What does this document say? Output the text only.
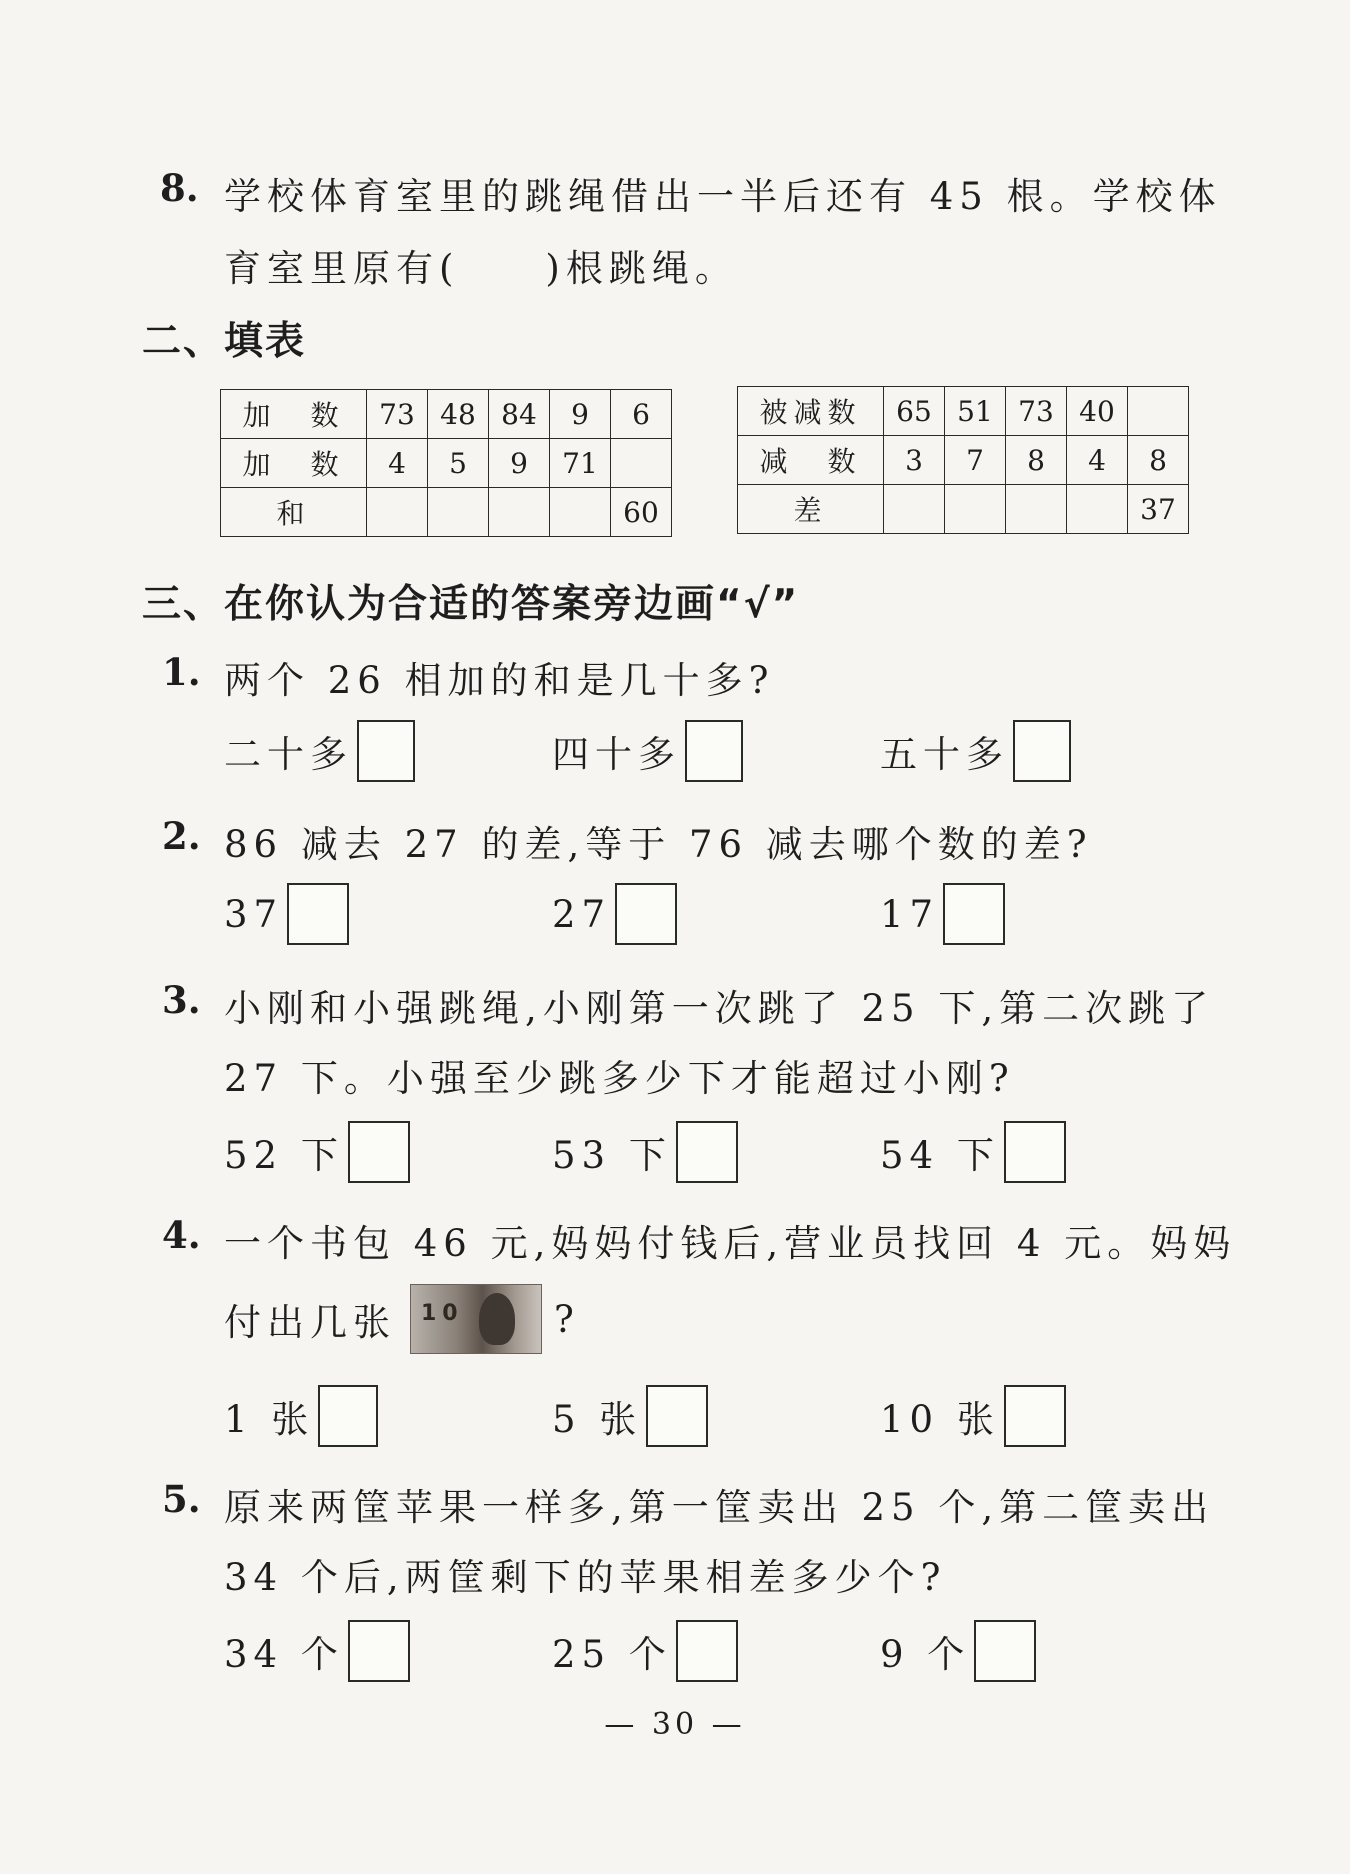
8. 学校体育室里的跳绳借出一半后还有 45 根。学校体
育室里原有(　　)根跳绳。
二、填表
加　数	73	48	84	9	6
加　数	4	5	9	71	
和					60
被减数	65	51	73	40	
减　数	3	7	8	4	8
差					37
三、在你认为合适的答案旁边画“√”
1. 两个 26 相加的和是几十多?
二十多	四十多	五十多
2. 86 减去 27 的差,等于 76 减去哪个数的差?
37	27	17
3. 小刚和小强跳绳,小刚第一次跳了 25 下,第二次跳了
27 下。小强至少跳多少下才能超过小刚?
52 下	53 下	54 下
4. 一个书包 46 元,妈妈付钱后,营业员找回 4 元。妈妈
付出几张 10 ?
1 张	5 张	10 张
5. 原来两筐苹果一样多,第一筐卖出 25 个,第二筐卖出
34 个后,两筐剩下的苹果相差多少个?
34 个	25 个	9 个
— 30 —
